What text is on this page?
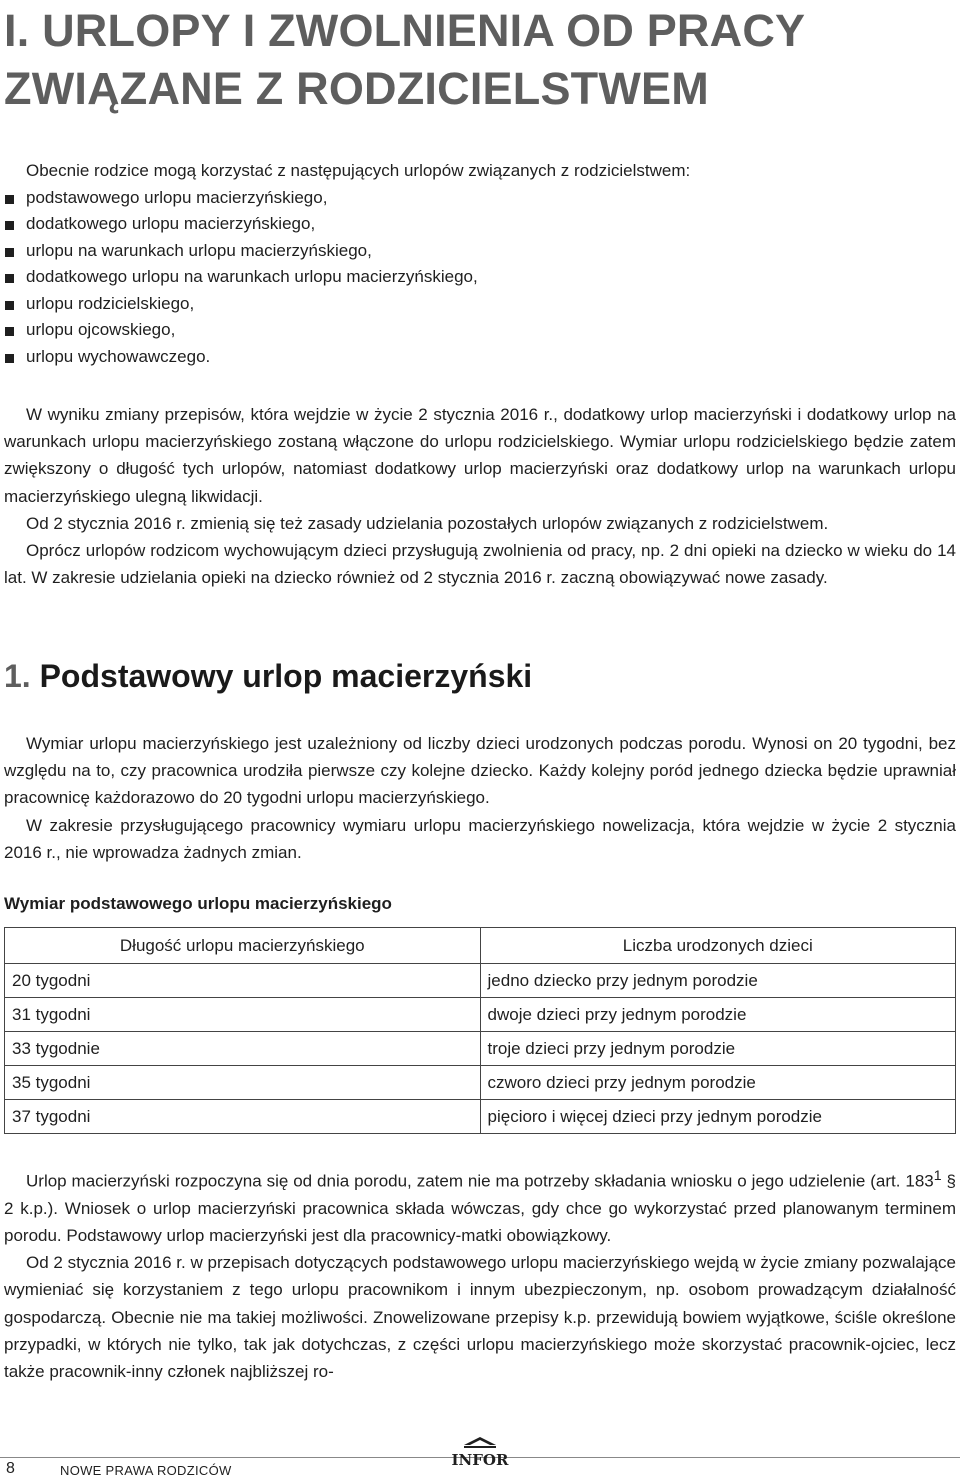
I. URLOPY I ZWOLNIENIA OD PRACY
ZWIĄZANE Z RODZICIELSTWEM

Obecnie rodzice mogą korzystać z następujących urlopów związanych z rodzicielstwem:

podstawowego urlopu macierzyńskiego,
dodatkowego urlopu macierzyńskiego,
urlopu na warunkach urlopu macierzyńskiego,
dodatkowego urlopu na warunkach urlopu macierzyńskiego,
urlopu rodzicielskiego,
urlopu ojcowskiego,
urlopu wychowawczego.

W wyniku zmiany przepisów, która wejdzie w życie 2 stycznia 2016 r., dodatkowy urlop macierzyński i dodatkowy urlop na warunkach urlopu macierzyńskiego zostaną włączone do urlopu rodzicielskiego. Wymiar urlopu rodzicielskiego będzie zatem zwiększony o długość tych urlopów, natomiast dodatkowy urlop macierzyński oraz dodatkowy urlop na warunkach urlopu macierzyńskiego ulegną likwidacji.

Od 2 stycznia 2016 r. zmienią się też zasady udzielania pozostałych urlopów związanych z rodzicielstwem.

Oprócz urlopów rodzicom wychowującym dzieci przysługują zwolnienia od pracy, np. 2 dni opieki na dziecko w wieku do 14 lat. W zakresie udzielania opieki na dziecko również od 2 stycznia 2016 r. zaczną obowiązywać nowe zasady.

1. Podstawowy urlop macierzyński

Wymiar urlopu macierzyńskiego jest uzależniony od liczby dzieci urodzonych podczas porodu. Wynosi on 20 tygodni, bez względu na to, czy pracownica urodziła pierwsze czy kolejne dziecko. Każdy kolejny poród jednego dziecka będzie uprawniał pracownicę każdorazowo do 20 tygodni urlopu macierzyńskiego.

W zakresie przysługującego pracownicy wymiaru urlopu macierzyńskiego nowelizacja, która wejdzie w życie 2 stycznia 2016 r., nie wprowadza żadnych zmian.

Wymiar podstawowego urlopu macierzyńskiego

Długość urlopu macierzyńskiego	Liczba urodzonych dzieci
20 tygodni	jedno dziecko przy jednym porodzie
31 tygodni	dwoje dzieci przy jednym porodzie
33 tygodnie	troje dzieci przy jednym porodzie
35 tygodni	czworo dzieci przy jednym porodzie
37 tygodni	pięcioro i więcej dzieci przy jednym porodzie

Urlop macierzyński rozpoczyna się od dnia porodu, zatem nie ma potrzeby składania wniosku o jego udzielenie (art. $183^1$ § 2 k.p.). Wniosek o urlop macierzyński pracownica składa wówczas, gdy chce go wykorzystać przed planowanym terminem porodu. Podstawowy urlop macierzyński jest dla pracownicy-matki obowiązkowy.

Od 2 stycznia 2016 r. w przepisach dotyczących podstawowego urlopu macierzyńskiego wejdą w życie zmiany pozwalające wymieniać się korzystaniem z tego urlopu pracownikom i innym ubezpieczonym, np. osobom prowadzącym działalność gospodarczą. Obecnie nie ma takiej możliwości. Znowelizowane przepisy k.p. przewidują bowiem wyjątkowe, ściśle określone przypadki, w których nie tylko, tak jak dotychczas, z części urlopu macierzyńskiego może skorzystać pracownik-ojciec, lecz także pracownik-inny członek najbliższej ro-

8	NOWE PRAWA RODZICÓW
INFOR
